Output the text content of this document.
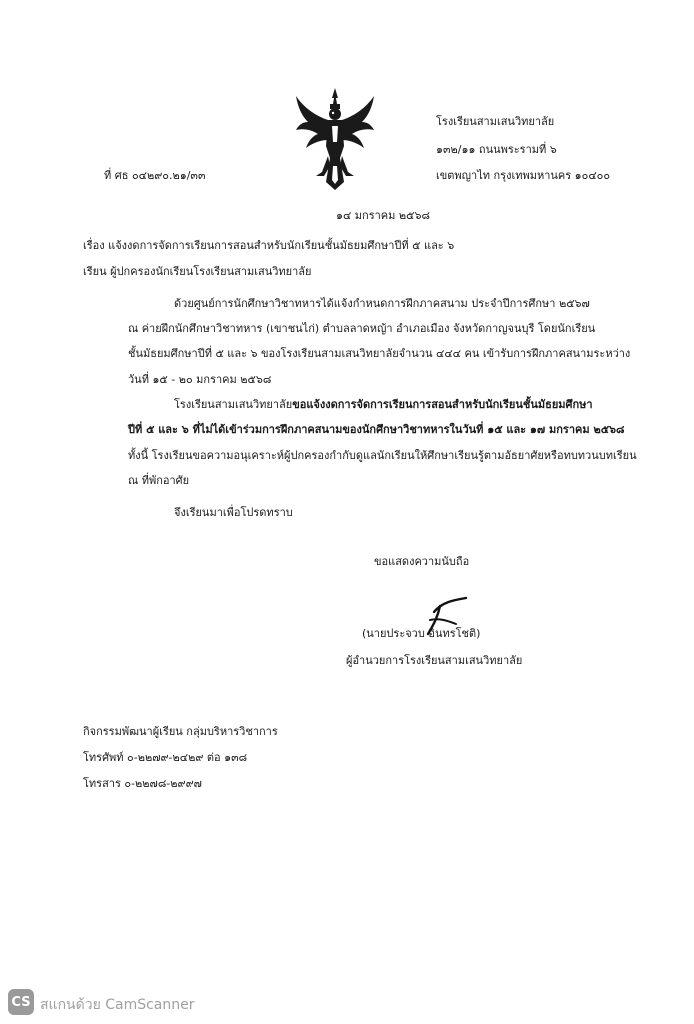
โรงเรียนสามเสนวิทยาลัย
๑๓๒/๑๑ ถนนพระรามที่ ๖
เขตพญาไท กรุงเทพมหานคร ๑๐๔๐๐
ที่ ศธ ๐๔๒๙๐.๒๑/๓๓
๑๔ มกราคม ๒๕๖๘
เรื่อง แจ้งงดการจัดการเรียนการสอนสำหรับนักเรียนชั้นมัธยมศึกษาปีที่ ๕ และ ๖
เรียน ผู้ปกครองนักเรียนโรงเรียนสามเสนวิทยาลัย
ด้วยศูนย์การนักศึกษาวิชาทหารได้แจ้งกำหนดการฝึกภาคสนาม ประจำปีการศึกษา ๒๕๖๗
ณ ค่ายฝึกนักศึกษาวิชาทหาร (เขาชนไก่) ตำบลลาดหญ้า อำเภอเมือง จังหวัดกาญจนบุรี โดยนักเรียน
ชั้นมัธยมศึกษาปีที่ ๕ และ ๖ ของโรงเรียนสามเสนวิทยาลัยจำนวน ๔๔๔ คน เข้ารับการฝึกภาคสนามระหว่าง
วันที่ ๑๕ - ๒๐ มกราคม ๒๕๖๘
โรงเรียนสามเสนวิทยาลัยขอแจ้งงดการจัดการเรียนการสอนสำหรับนักเรียนชั้นมัธยมศึกษา
ปีที่ ๕ และ ๖ ที่ไม่ได้เข้าร่วมการฝึกภาคสนามของนักศึกษาวิชาทหารในวันที่ ๑๕ และ ๑๗ มกราคม ๒๕๖๘
ทั้งนี้ โรงเรียนขอความอนุเคราะห์ผู้ปกครองกำกับดูแลนักเรียนให้ศึกษาเรียนรู้ตามอัธยาศัยหรือทบทวนบทเรียน
ณ ที่พักอาศัย
จึงเรียนมาเพื่อโปรดทราบ
ขอแสดงความนับถือ
(นายประจวบ อินทรโชติ)
ผู้อำนวยการโรงเรียนสามเสนวิทยาลัย
กิจกรรมพัฒนาผู้เรียน กลุ่มบริหารวิชาการ
โทรศัพท์ ๐-๒๒๗๙-๒๔๒๙ ต่อ ๑๓๘
โทรสาร ๐-๒๒๗๘-๒๙๙๗
CS สแกนด้วย CamScanner
